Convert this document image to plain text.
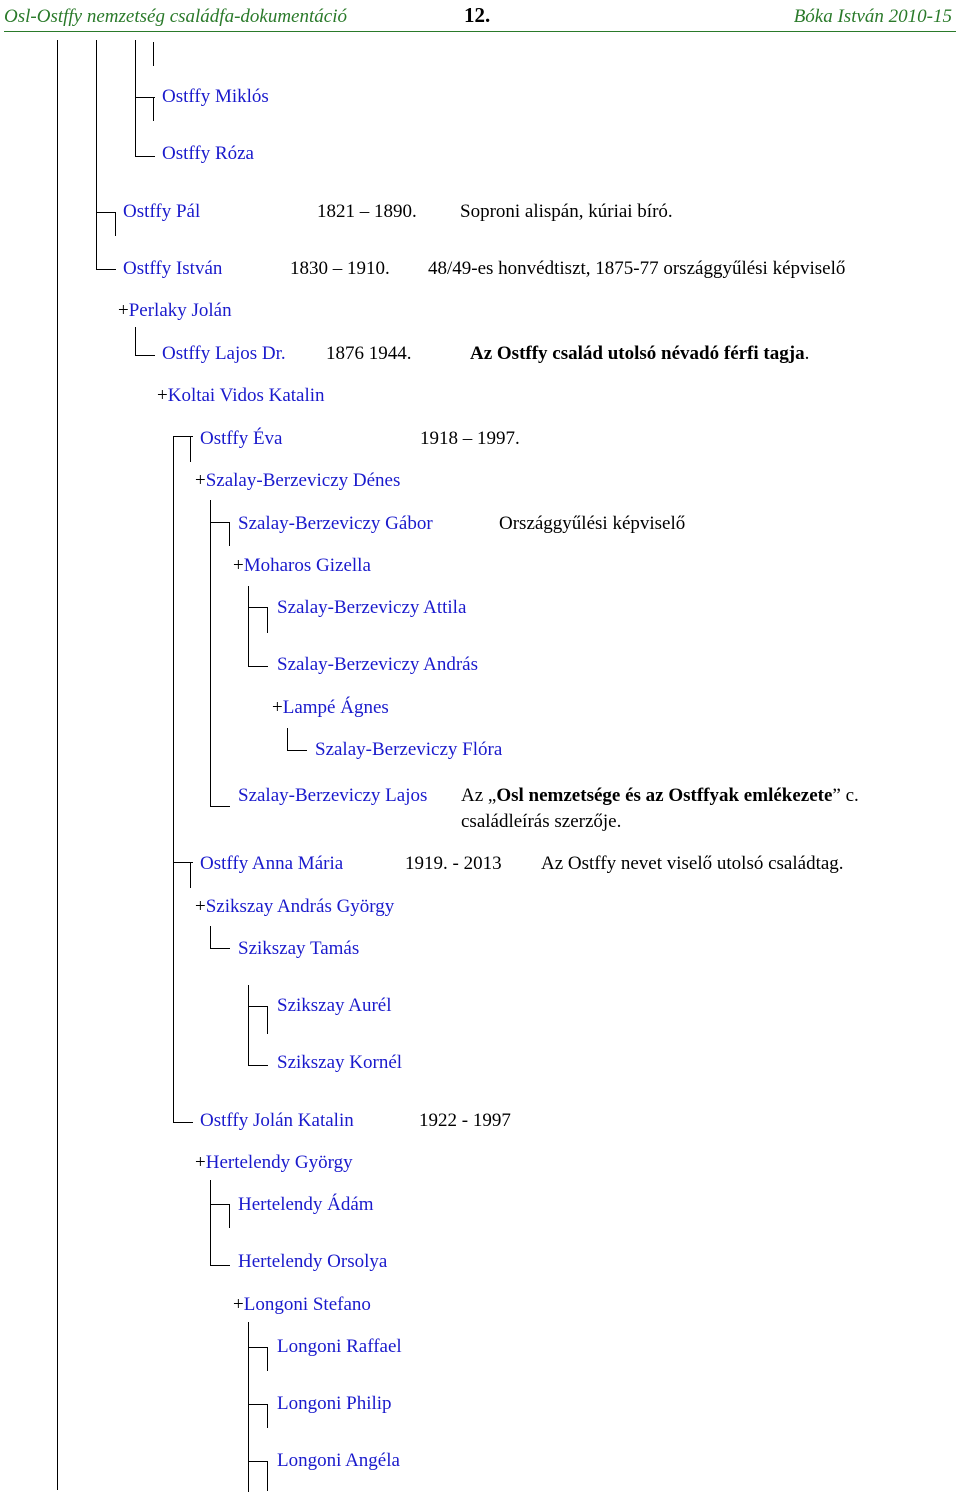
Osl-Ostffy nemzetség családfa-dokumentáció	12.	Bóka István 2010-15
Ostffy Miklós
Ostffy Róza
Ostffy Pál	1821 – 1890. Soproni alispán, kúriai bíró.
Ostffy István	1830 – 1910. 48/49-es honvédtiszt, 1875-77 országgyűlési képviselő
+Perlaky Jolán
Ostffy Lajos Dr. 1876 1944.	Az Ostffy család utolsó névadó férfi tagja.
+Koltai Vidos Katalin
Ostffy Éva	1918 – 1997.
+Szalay-Berzeviczy Dénes
Szalay-Berzeviczy Gábor	Országgyűlési képviselő
+Moharos Gizella
Szalay-Berzeviczy Attila
Szalay-Berzeviczy András
+Lampé Ágnes
Szalay-Berzeviczy Flóra
Szalay-Berzeviczy Lajos Az „Osl nemzetsége és az Ostffyak emlékezete” c.
családleírás szerzője.
Ostffy Anna Mária	1919. - 2013 Az Ostffy nevet viselő utolsó családtag.
+Szikszay András György
Szikszay Tamás
Szikszay Aurél
Szikszay Kornél
Ostffy Jolán Katalin	1922 - 1997
+Hertelendy György
Hertelendy Ádám
Hertelendy Orsolya
+Longoni Stefano
Longoni Raffael
Longoni Philip
Longoni Angéla
